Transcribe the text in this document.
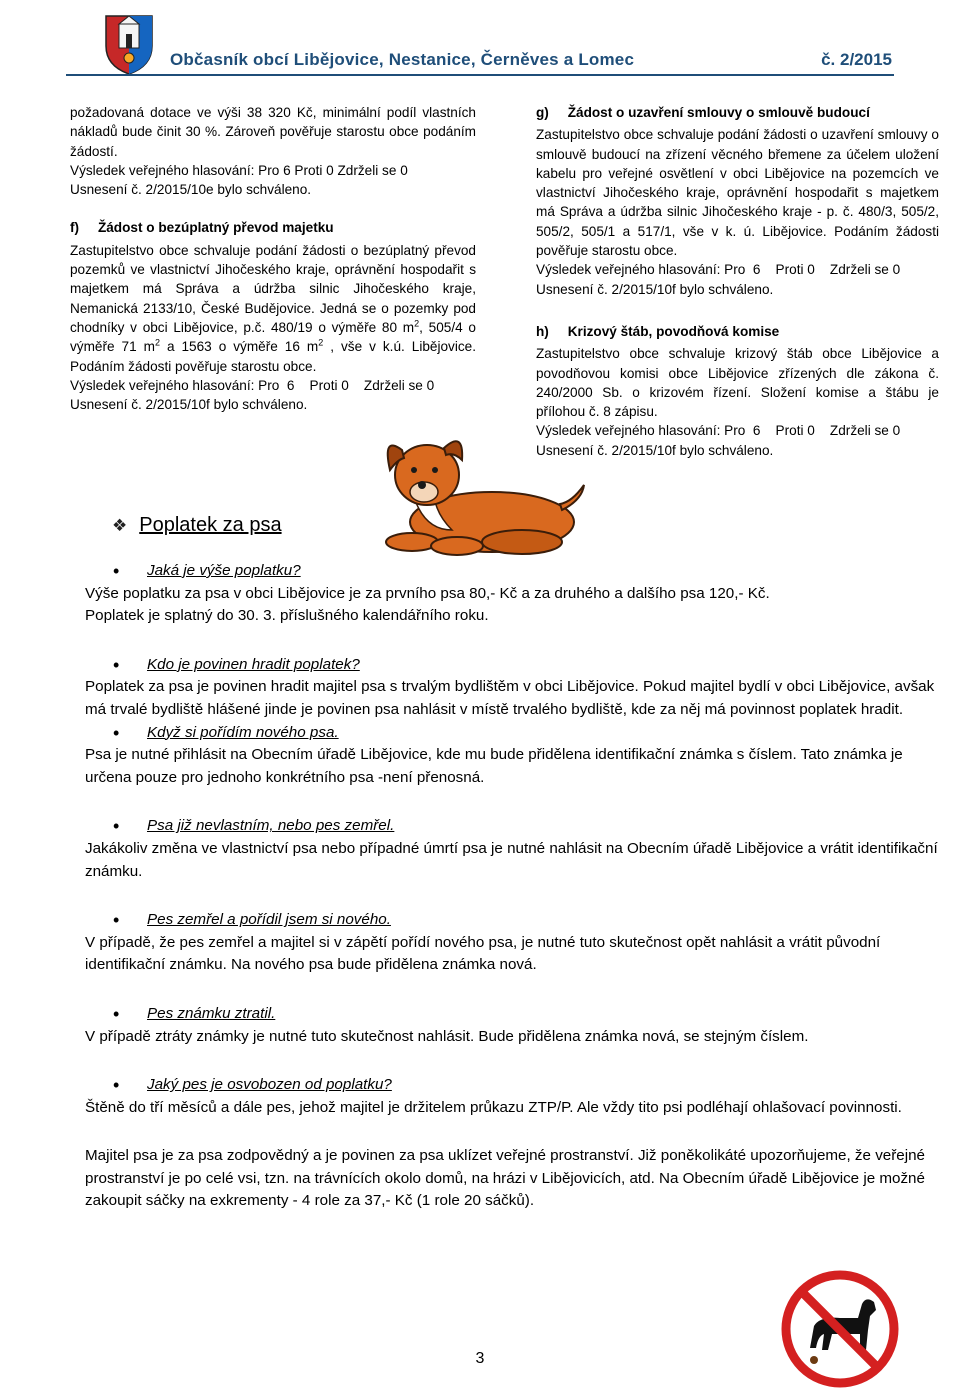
Občasník obcí Libějovice, Nestanice, Černěves a Lomec	č. 2/2015

požadovaná dotace ve výši 38 320 Kč, minimální podíl vlastních nákladů bude činit 30 %. Zároveň pověřuje starostu obce podáním žádostí.

Výsledek veřejného hlasování: Pro 6 Proti 0 Zdrželi se 0

Usnesení č. 2/2015/10e bylo schváleno.

f)     Žádost o bezúplatný převod majetku

Zastupitelstvo obce schvaluje podání žádosti o bezúplatný převod pozemků ve vlastnictví Jihočeského kraje, oprávnění hospodařit s majetkem má Správa a údržba silnic Jihočeského kraje, Nemanická 2133/10, České Budějovice. Jedná se o pozemky pod chodníky v obci Libějovice, p.č. 480/19 o výměře 80 $m^2$, 505/4 o výměře 71 $m^2$ a 1563 o výměře 16 $m^2$ , vše v k.ú. Libějovice. Podáním žádosti pověřuje starostu obce.

Výsledek veřejného hlasování: Pro  6    Proti 0    Zdrželi se 0

Usnesení č. 2/2015/10f bylo schváleno.

g)     Žádost o uzavření smlouvy o smlouvě budoucí

Zastupitelstvo obce schvaluje podání žádosti o uzavření smlouvy o smlouvě budoucí na zřízení věcného břemene za účelem uložení kabelu pro veřejné osvětlení v obci Libějovice na pozemcích ve vlastnictví Jihočeského kraje, oprávnění hospodařit s majetkem má Správa a údržba silnic Jihočeského kraje - p. č. 480/3, 505/2, 505/2, 505/1 a 517/1, vše v k. ú. Libějovice. Podáním žádosti pověřuje starostu obce.

Výsledek veřejného hlasování: Pro  6    Proti 0    Zdrželi se 0

Usnesení č. 2/2015/10f bylo schváleno.

h)     Krizový štáb, povodňová komise

Zastupitelstvo obce schvaluje krizový štáb obce Libějovice a povodňovou komisi obce Libějovice zřízených dle zákona č. 240/2000 Sb. o krizovém řízení. Složení komise a štábu je přílohou č. 8 zápisu.

Výsledek veřejného hlasování: Pro  6    Proti 0    Zdrželi se 0

Usnesení č. 2/2015/10f bylo schváleno.

❖ Poplatek za psa

• Jaká je výše poplatku?

Výše poplatku za psa v obci Libějovice je za prvního psa 80,- Kč a za druhého a dalšího psa 120,- Kč.

Poplatek je splatný do 30. 3. příslušného kalendářního roku.

• Kdo je povinen hradit poplatek?

Poplatek za psa je povinen hradit majitel psa s trvalým bydlištěm v obci Libějovice. Pokud majitel bydlí v obci Libějovice, avšak má trvalé bydliště hlášené jinde je povinen psa nahlásit v místě trvalého bydliště, kde za něj má povinnost poplatek hradit.

• Když si pořídím nového psa.

Psa je nutné přihlásit na Obecním úřadě Libějovice, kde mu bude přidělena identifikační známka s číslem. Tato známka je určena pouze pro jednoho konkrétního psa -není přenosná.

• Psa již nevlastním, nebo pes zemřel.

Jakákoliv změna ve vlastnictví psa nebo případné úmrtí psa je nutné nahlásit na Obecním úřadě Libějovice a vrátit identifikační známku.

• Pes zemřel a pořídil jsem si nového.

V případě, že pes zemřel a majitel si v zápětí pořídí nového psa, je nutné tuto skutečnost opět nahlásit a vrátit původní identifikační známku. Na nového psa bude přidělena známka nová.

• Pes známku ztratil.

V případě ztráty známky je nutné tuto skutečnost nahlásit. Bude přidělena známka nová, se stejným číslem.

• Jaký pes je osvobozen od poplatku?

Štěně do tří měsíců a dále pes, jehož majitel je držitelem průkazu ZTP/P. Ale vždy tito psi podléhají ohlašovací povinnosti.

Majitel psa je za psa zodpovědný a je povinen za psa uklízet veřejné prostranství. Již poněkolikáté upozorňujeme, že veřejné prostranství je po celé vsi, tzn. na trávnících okolo domů, na hrázi v Libějovicích, atd. Na Obecním úřadě Libějovice je možné zakoupit sáčky na exkrementy - 4 role za 37,- Kč (1 role 20 sáčků).

3
